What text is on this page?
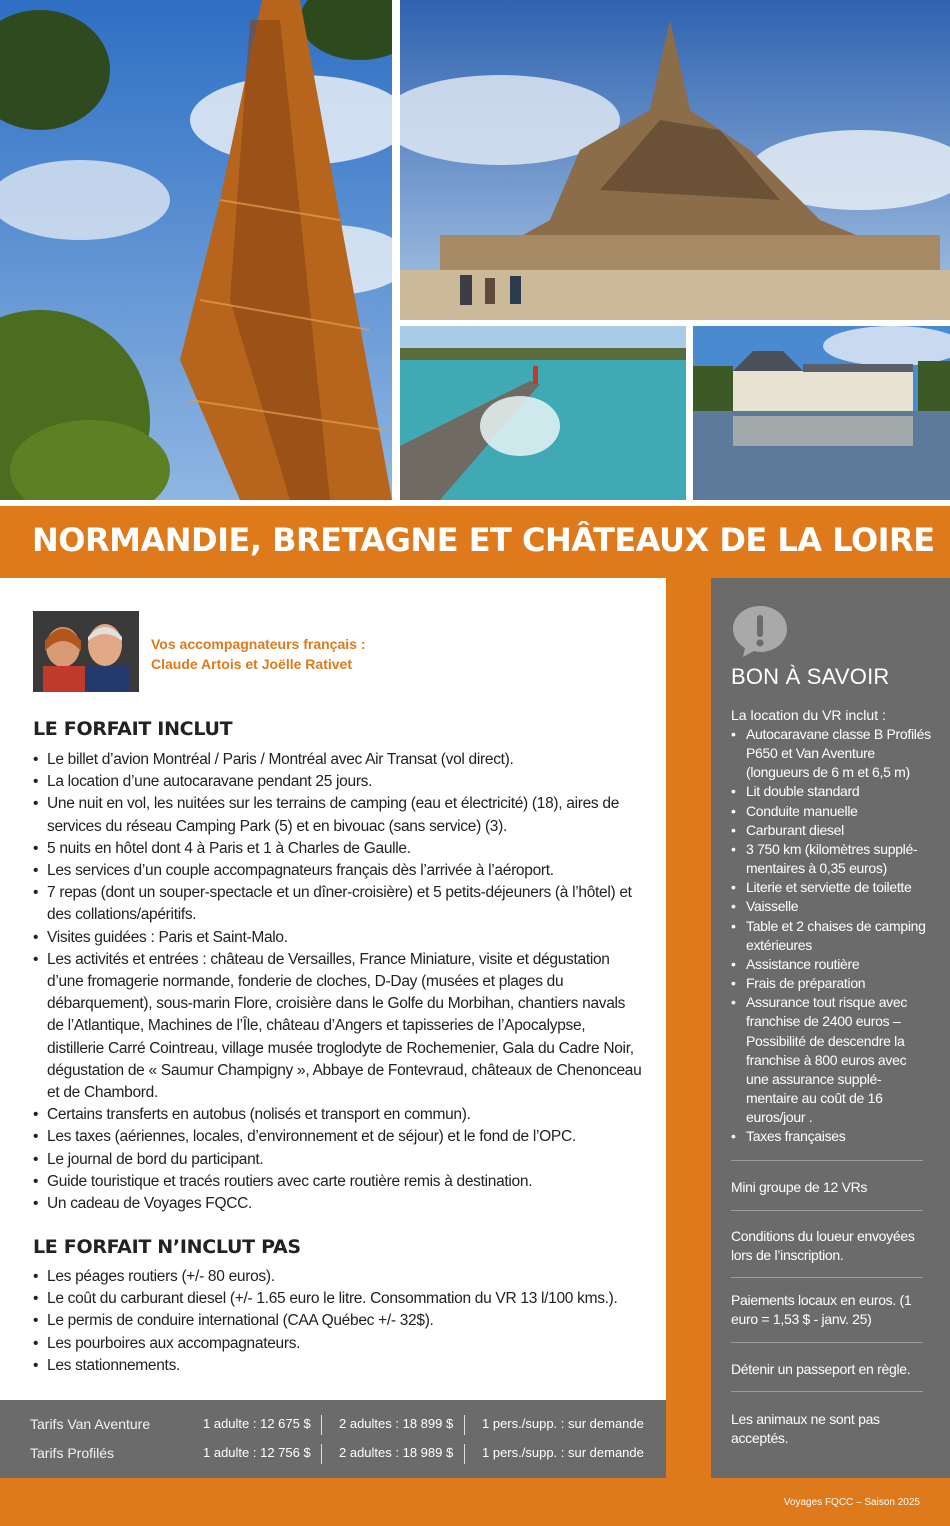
NORMANDIE, BRETAGNE ET CHÂTEAUX DE LA LOIRE
Vos accompagnateurs français :
Claude Artois et Joëlle Rativet
LE FORFAIT INCLUT
• Le billet d’avion Montréal / Paris / Montréal avec Air Transat (vol direct).
• La location d’une autocaravane pendant 25 jours.
• Une nuit en vol, les nuitées sur les terrains de camping (eau et électricité) (18), aires de services du réseau Camping Park (5) et en bivouac (sans service) (3).
• 5 nuits en hôtel dont 4 à Paris et 1 à Charles de Gaulle.
• Les services d’un couple accompagnateurs français dès l’arrivée à l’aéroport.
• 7 repas (dont un souper-spectacle et un dîner-croisière) et 5 petits-déjeuners (à l’hôtel) et des collations/apéritifs.
• Visites guidées : Paris et Saint-Malo.
• Les activités et entrées : château de Versailles, France Miniature, visite et dégustation d’une fromagerie normande, fonderie de cloches, D-Day (musées et plages du débarquement), sous-marin Flore, croisière dans le Golfe du Morbihan, chantiers navals de l’Atlantique, Machines de l’Île, château d’Angers et tapisseries de l’Apocalypse, distillerie Carré Cointreau, village musée troglodyte de Rochemenier, Gala du Cadre Noir, dégustation de « Saumur Champigny », Abbaye de Fontevraud, châteaux de Chenonceau et de Chambord.
• Certains transferts en autobus (nolisés et transport en commun).
• Les taxes (aériennes, locales, d’environnement et de séjour) et le fond de l’OPC.
• Le journal de bord du participant.
• Guide touristique et tracés routiers avec carte routière remis à destination.
• Un cadeau de Voyages FQCC.
LE FORFAIT N’INCLUT PAS
• Les péages routiers (+/- 80 euros).
• Le coût du carburant diesel (+/- 1.65 euro le litre. Consommation du VR 13 l/100 kms.).
• Le permis de conduire international (CAA Québec +/- 32$).
• Les pourboires aux accompagnateurs.
• Les stationnements.
Tarifs Van Aventure	1 adulte : 12 675 $ 2 adultes : 18 899 $ 1 pers./supp. : sur demande
Tarifs Profilés	1 adulte : 12 756 $ 2 adultes : 18 989 $ 1 pers./supp. : sur demande
BON À SAVOIR
La location du VR inclut :
• Autocaravane classe B Profilés P650 et Van Aventure (longueurs de 6 m et 6,5 m)
• Lit double standard
• Conduite manuelle
• Carburant diesel
• 3 750 km (kilomètres supplé-mentaires à 0,35 euros)
• Literie et serviette de toilette
• Vaisselle
• Table et 2 chaises de camping extérieures
• Assistance routière
• Frais de préparation
• Assurance tout risque avec franchise de 2400 euros – Possibilité de descendre la franchise à 800 euros avec une assurance supplé-mentaire au coût de 16 euros/jour .
• Taxes françaises
Mini groupe de 12 VRs
Conditions du loueur envoyées lors de l’inscription.
Paiements locaux en euros. (1 euro = 1,53 $ - janv. 25)
Détenir un passeport en règle.
Les animaux ne sont pas acceptés.
Voyages FQCC – Saison 2025
